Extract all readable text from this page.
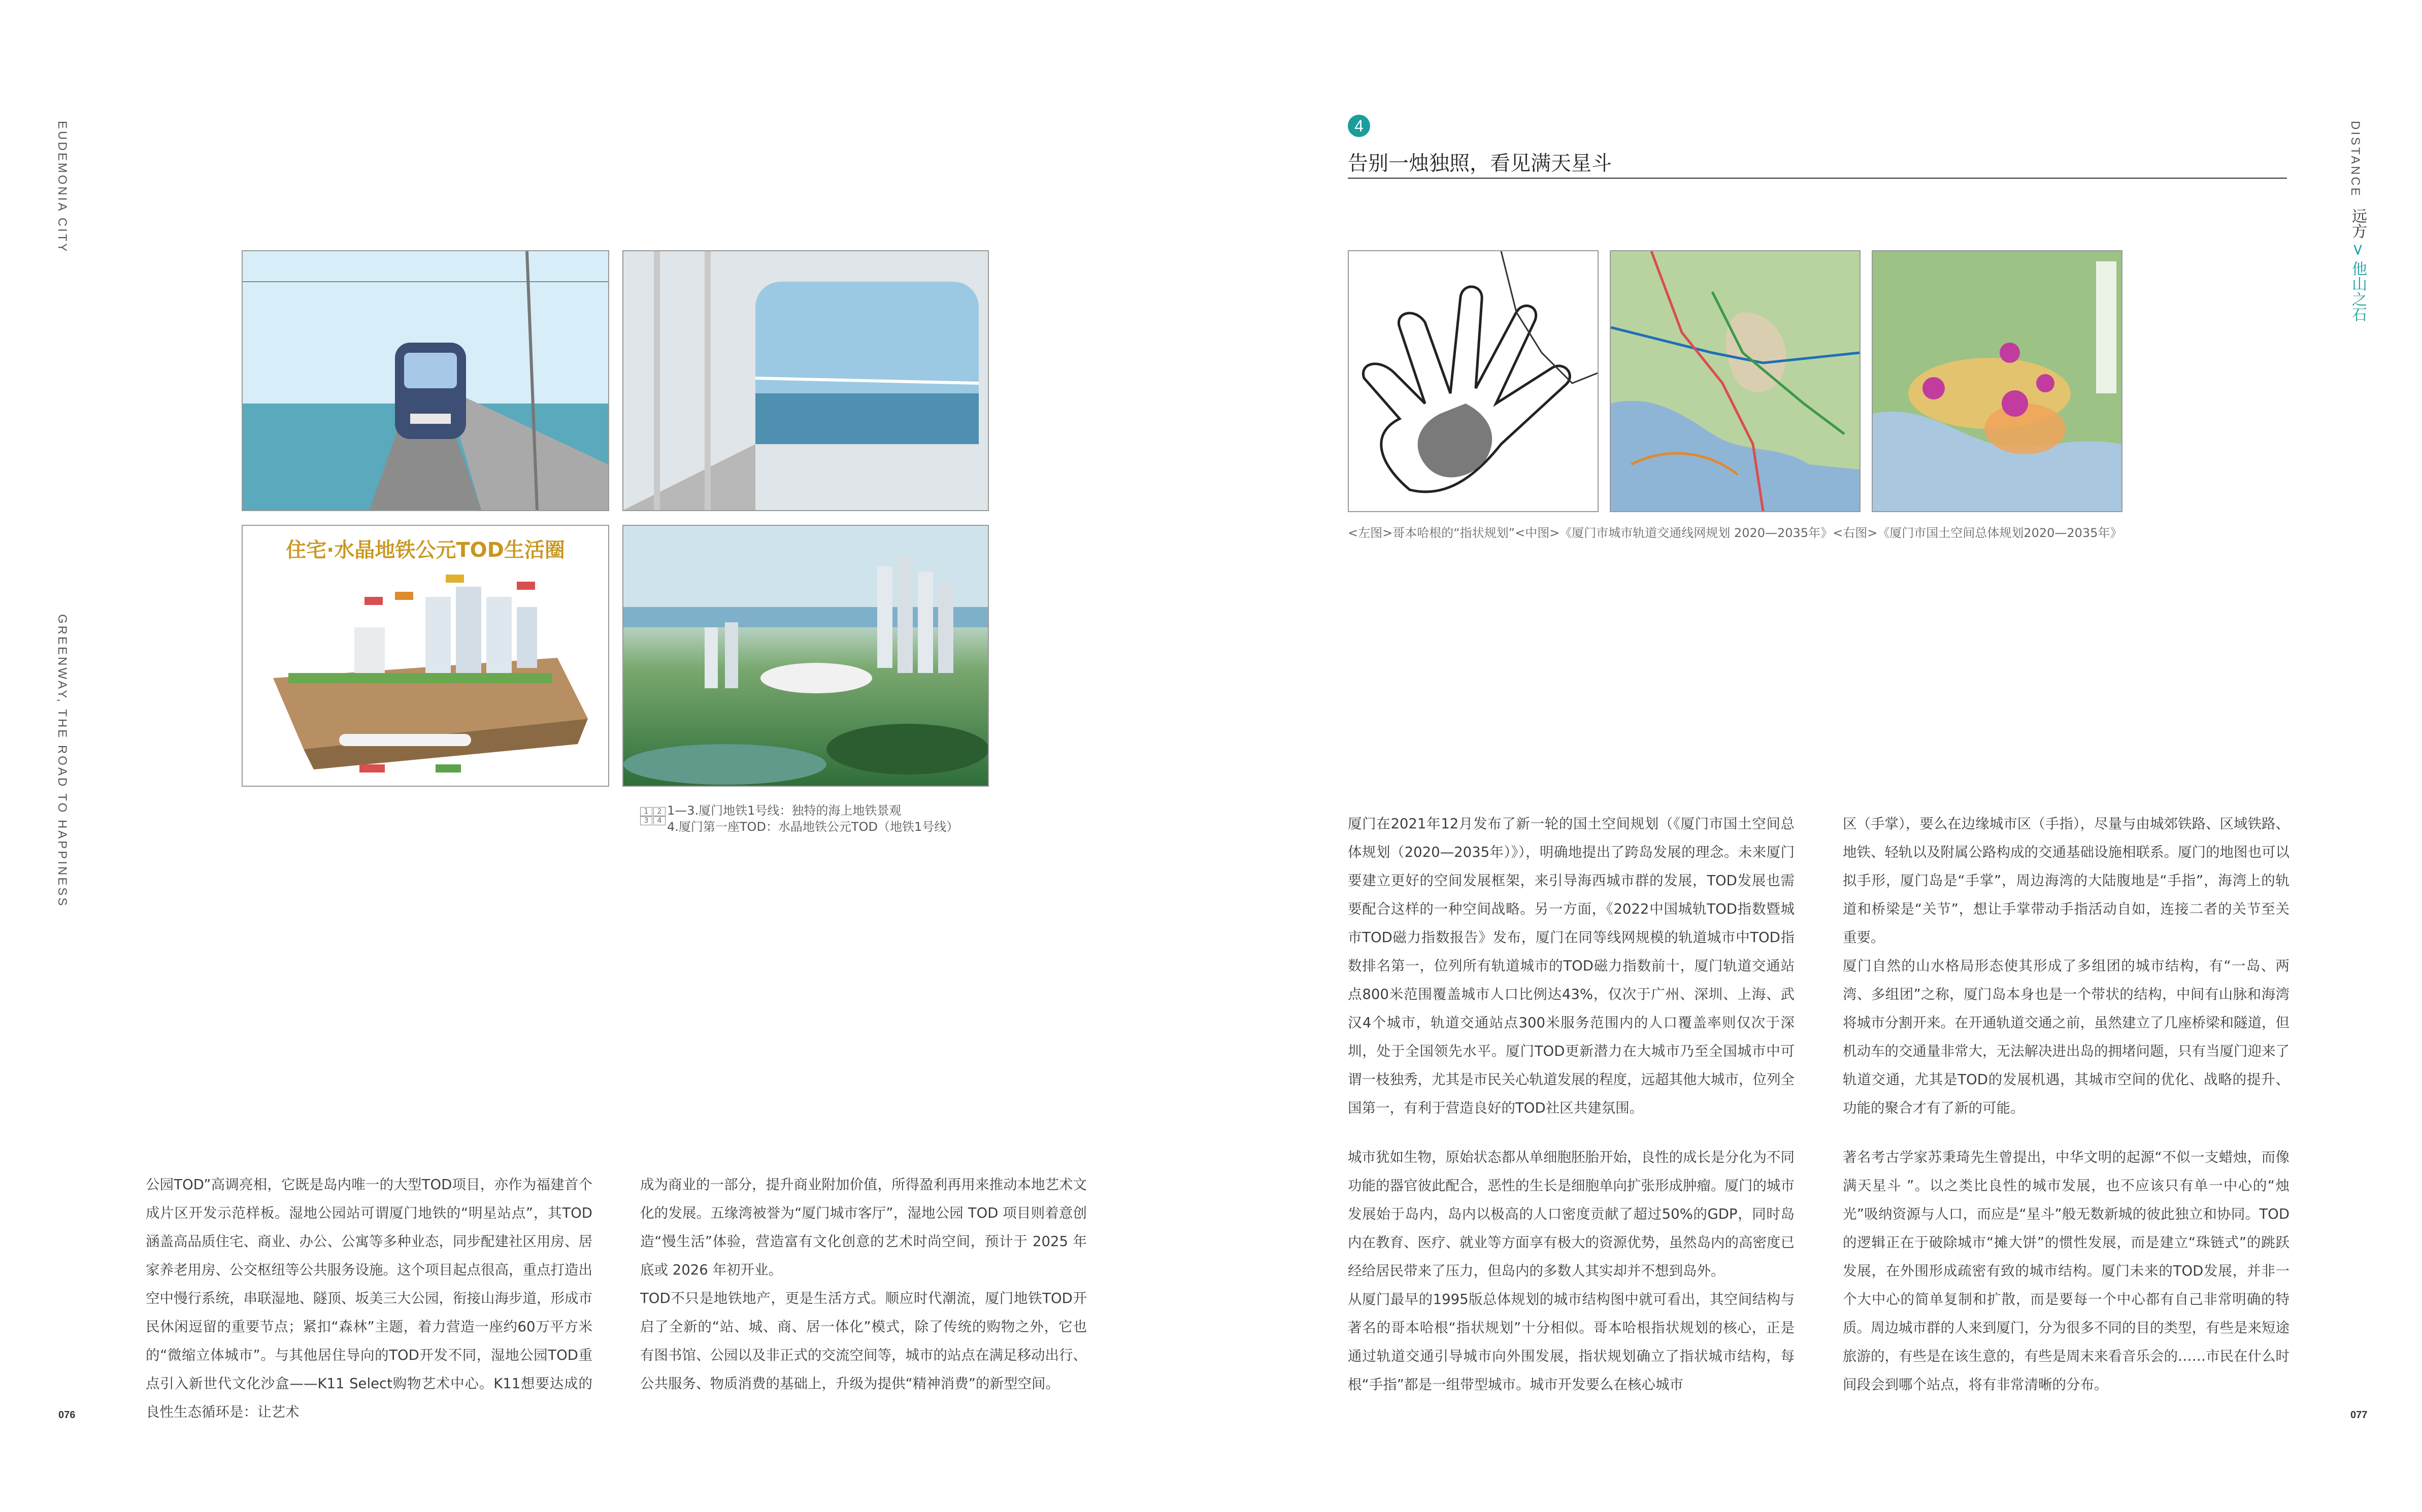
EUDEMONIA CITY
GREENWAY, THE ROAD TO HAPPINESS
DISTANCE
远方 > 他山之石
076	077
住宅·水晶地铁公元TOD生活圈
1 2
3 4
1—3.厦门地铁1号线：独特的海上地铁景观
4.厦门第一座TOD：水晶地铁公元TOD（地铁1号线）

公园TOD”高调亮相，它既是岛内唯一的大型TOD项目，亦作为福建首个成片区开发示范样板。湿地公园站可谓厦门地铁的“明星站点”，其TOD涵盖高品质住宅、商业、办公、公寓等多种业态，同步配建社区用房、居家养老用房、公交枢纽等公共服务设施。这个项目起点很高，重点打造出空中慢行系统，串联湿地、隧顶、坂美三大公园，衔接山海步道，形成市民休闲逗留的重要节点；紧扣“森林”主题，着力营造一座约60万平方米的“微缩立体城市”。与其他居住导向的TOD开发不同，湿地公园TOD重点引入新世代文化沙盒——K11 Select购物艺术中心。K11想要达成的良性生态循环是：让艺术

成为商业的一部分，提升商业附加价值，所得盈利再用来推动本地艺术文化的发展。五缘湾被誉为“厦门城市客厅”，湿地公园 TOD 项目则着意创造“慢生活”体验，营造富有文化创意的艺术时尚空间，预计于 2025 年底或 2026 年初开业。
TOD不只是地铁地产，更是生活方式。顺应时代潮流，厦门地铁TOD开启了全新的“站、城、商、居一体化”模式，除了传统的购物之外，它也有图书馆、公园以及非正式的交流空间等，城市的站点在满足移动出行、公共服务、物质消费的基础上，升级为提供“精神消费”的新型空间。

4
告别一烛独照，看见满天星斗
<左图>哥本哈根的“指状规划”<中图>《厦门市城市轨道交通线网规划 2020—2035年》<右图>《厦门市国土空间总体规划2020—2035年》

厦门在2021年12月发布了新一轮的国土空间规划（《厦门市国土空间总体规划（2020—2035年）》），明确地提出了跨岛发展的理念。未来厦门要建立更好的空间发展框架，来引导海西城市群的发展，TOD发展也需要配合这样的一种空间战略。另一方面，《2022中国城轨TOD指数暨城市TOD磁力指数报告》发布，厦门在同等线网规模的轨道城市中TOD指数排名第一，位列所有轨道城市的TOD磁力指数前十，厦门轨道交通站点800米范围覆盖城市人口比例达43%，仅次于广州、深圳、上海、武汉4个城市，轨道交通站点300米服务范围内的人口覆盖率则仅次于深圳，处于全国领先水平。厦门TOD更新潜力在大城市乃至全国城市中可谓一枝独秀，尤其是市民关心轨道发展的程度，远超其他大城市，位列全国第一，有利于营造良好的TOD社区共建氛围。

区（手掌），要么在边缘城市区（手指），尽量与由城郊铁路、区域铁路、地铁、轻轨以及附属公路构成的交通基础设施相联系。厦门的地图也可以拟手形，厦门岛是“手掌”，周边海湾的大陆腹地是“手指”，海湾上的轨道和桥梁是“关节”，想让手掌带动手指活动自如，连接二者的关节至关重要。
厦门自然的山水格局形态使其形成了多组团的城市结构，有“一岛、两湾、多组团”之称，厦门岛本身也是一个带状的结构，中间有山脉和海湾将城市分割开来。在开通轨道交通之前，虽然建立了几座桥梁和隧道，但机动车的交通量非常大，无法解决进出岛的拥堵问题，只有当厦门迎来了轨道交通，尤其是TOD的发展机遇，其城市空间的优化、战略的提升、功能的聚合才有了新的可能。

城市犹如生物，原始状态都从单细胞胚胎开始，良性的成长是分化为不同功能的器官彼此配合，恶性的生长是细胞单向扩张形成肿瘤。厦门的城市发展始于岛内，岛内以极高的人口密度贡献了超过50%的GDP，同时岛内在教育、医疗、就业等方面享有极大的资源优势，虽然岛内的高密度已经给居民带来了压力，但岛内的多数人其实却并不想到岛外。
从厦门最早的1995版总体规划的城市结构图中就可看出，其空间结构与著名的哥本哈根“指状规划”十分相似。哥本哈根指状规划的核心，正是通过轨道交通引导城市向外围发展，指状规划确立了指状城市结构，每根“手指”都是一组带型城市。城市开发要么在核心城市

著名考古学家苏秉琦先生曾提出，中华文明的起源“不似一支蜡烛，而像满天星斗 ”。以之类比良性的城市发展，也不应该只有单一中心的“烛光”吸纳资源与人口，而应是“星斗”般无数新城的彼此独立和协同。TOD的逻辑正在于破除城市“摊大饼”的惯性发展，而是建立“珠链式”的跳跃发展，在外围形成疏密有致的城市结构。厦门未来的TOD发展，并非一个大中心的简单复制和扩散，而是要每一个中心都有自己非常明确的特质。周边城市群的人来到厦门，分为很多不同的目的类型，有些是来短途旅游的，有些是在该生意的，有些是周末来看音乐会的……市民在什么时间段会到哪个站点，将有非常清晰的分布。
